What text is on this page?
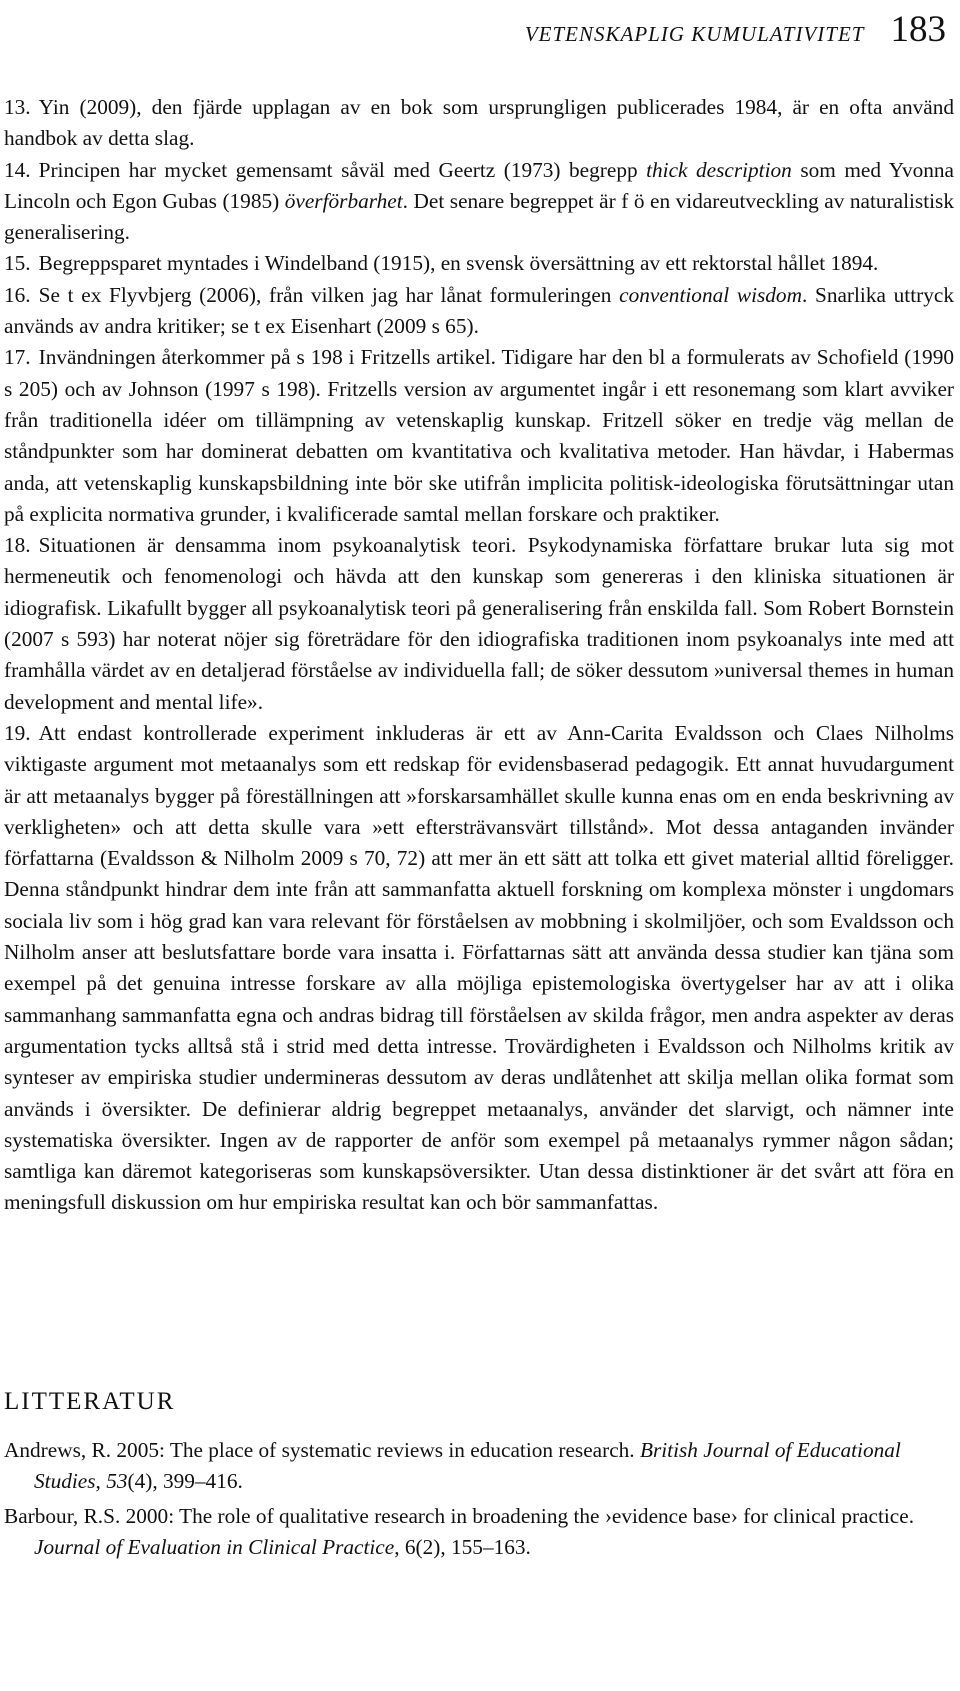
VETENSKAPLIG KUMULATIVITET 183

13. Yin (2009), den fjärde upplagan av en bok som ursprungligen publicerades 1984, är en ofta använd handbok av detta slag.

14. Principen har mycket gemensamt såväl med Geertz (1973) begrepp thick description som med Yvonna Lincoln och Egon Gubas (1985) överförbarhet. Det senare begreppet är f ö en vidareutveckling av naturalistisk generalisering.

15. Begreppsparet myntades i Windelband (1915), en svensk översättning av ett rektorstal hållet 1894.

16. Se t ex Flyvbjerg (2006), från vilken jag har lånat formuleringen conventional wisdom. Snarlika uttryck används av andra kritiker; se t ex Eisenhart (2009 s 65).

17. Invändningen återkommer på s 198 i Fritzells artikel. Tidigare har den bl a formulerats av Schofield (1990 s 205) och av Johnson (1997 s 198). Fritzells version av argumentet ingår i ett resonemang som klart avviker från traditionella idéer om tillämpning av vetenskaplig kunskap. Fritzell söker en tredje väg mellan de ståndpunkter som har dominerat debatten om kvantitativa och kvalitativa metoder. Han hävdar, i Habermas anda, att vetenskaplig kunskapsbildning inte bör ske utifrån implicita politisk-ideologiska förutsättningar utan på explicita normativa grunder, i kvalificerade samtal mellan forskare och praktiker.

18. Situationen är densamma inom psykoanalytisk teori. Psykodynamiska författare brukar luta sig mot hermeneutik och fenomenologi och hävda att den kunskap som genereras i den kliniska situationen är idiografisk. Likafullt bygger all psykoanalytisk teori på generalisering från enskilda fall. Som Robert Bornstein (2007 s 593) har noterat nöjer sig företrädare för den idiografiska traditionen inom psykoanalys inte med att framhålla värdet av en detaljerad förståelse av individuella fall; de söker dessutom »universal themes in human development and mental life».

19. Att endast kontrollerade experiment inkluderas är ett av Ann-Carita Evaldsson och Claes Nilholms viktigaste argument mot metaanalys som ett redskap för evidensbaserad pedagogik. Ett annat huvudargument är att metaanalys bygger på föreställningen att »forskarsamhället skulle kunna enas om en enda beskrivning av verkligheten» och att detta skulle vara »ett eftersträvansvärt tillstånd». Mot dessa antaganden invänder författarna (Evaldsson & Nilholm 2009 s 70, 72) att mer än ett sätt att tolka ett givet material alltid föreligger. Denna ståndpunkt hindrar dem inte från att sammanfatta aktuell forskning om komplexa mönster i ungdomars sociala liv som i hög grad kan vara relevant för förståelsen av mobbning i skolmiljöer, och som Evaldsson och Nilholm anser att beslutsfattare borde vara insatta i. Författarnas sätt att använda dessa studier kan tjäna som exempel på det genuina intresse forskare av alla möjliga epistemologiska övertygelser har av att i olika sammanhang sammanfatta egna och andras bidrag till förståelsen av skilda frågor, men andra aspekter av deras argumentation tycks alltså stå i strid med detta intresse. Trovärdigheten i Evaldsson och Nilholms kritik av synteser av empiriska studier undermineras dessutom av deras undlåtenhet att skilja mellan olika format som används i översikter. De definierar aldrig begreppet metaanalys, använder det slarvigt, och nämner inte systematiska översikter. Ingen av de rapporter de anför som exempel på metaanalys rymmer någon sådan; samtliga kan däremot kategoriseras som kunskapsöversikter. Utan dessa distinktioner är det svårt att föra en meningsfull diskussion om hur empiriska resultat kan och bör sammanfattas.

LITTERATUR

Andrews, R. 2005: The place of systematic reviews in education research. British Journal of Educational Studies, 53(4), 399–416.

Barbour, R.S. 2000: The role of qualitative research in broadening the ›evidence base› for clinical practice. Journal of Evaluation in Clinical Practice, 6(2), 155–163.
